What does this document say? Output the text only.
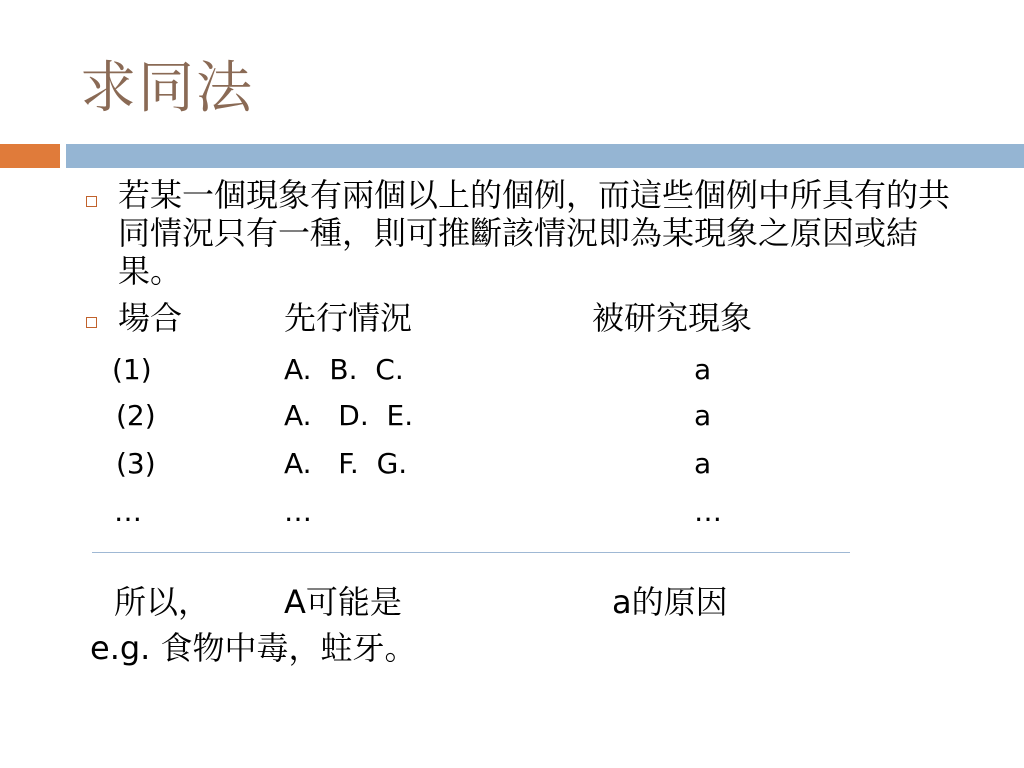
求同法

若某一個現象有兩個以上的個例，而這些個例中所具有的共同情況只有一種，則可推斷該情況即為某現象之原因或結果。

場合	先行情況	被研究現象
(1)	A.  B.  C.	a
(2)	A.   D.  E.	a
(3)	A.   F.  G.	a
…	…	…
所以， A可能是	a的原因
e.g. 食物中毒，蛀牙。
